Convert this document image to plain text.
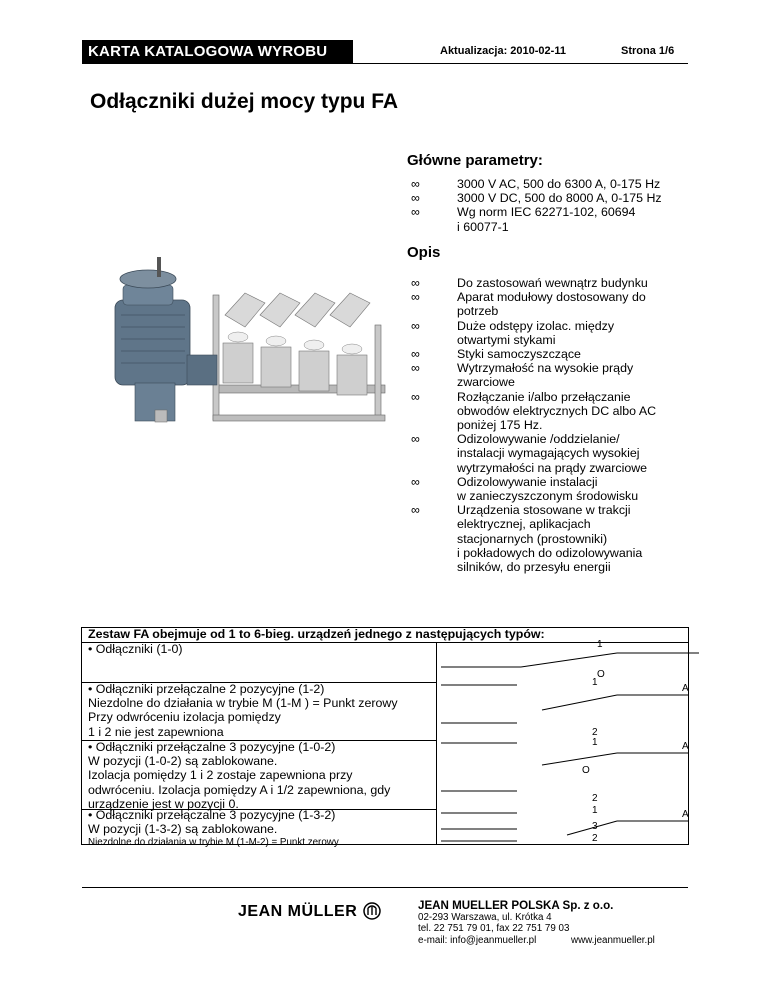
KARTA KATALOGOWA WYROBU	Aktualizacja: 2010-02-11	Strona 1/6
Odłączniki dużej mocy typu FA
Główne parametry:
∞	3000 V AC, 500 do 6300 A, 0-175 Hz
∞	3000 V DC, 500 do 8000 A, 0-175 Hz
∞	Wg norm IEC 62271-102, 60694
i 60077-1
Opis
∞	Do zastosowań wewnątrz budynku
∞	Aparat modułowy dostosowany do
potrzeb
∞	Duże odstępy izolac. między
otwartymi stykami
∞	Styki samoczyszczące
∞	Wytrzymałość na wysokie prądy
zwarciowe
∞	Rozłączanie i/albo przełączanie
obwodów elektrycznych DC albo AC
poniżej 175 Hz.
∞	Odizolowywanie /oddzielanie/
instalacji wymagających wysokiej
wytrzymałości na prądy zwarciowe
∞	Odizolowywanie instalacji
w zanieczyszczonym środowisku
∞	Urządzenia stosowane w trakcji
elektrycznej, aplikacjach
stacjonarnych (prostowniki)
i pokładowych do odizolowywania
silników, do przesyłu energii
Zestaw FA obejmuje od 1 to 6-bieg. urządzeń jednego z następujących typów:
• Odłączniki (1-0)
• Odłączniki przełączalne 2 pozycyjne (1-2)
Niezdolne do działania w trybie M (1-M ) = Punkt zerowy
Przy odwróceniu izolacja pomiędzy
1 i 2 nie jest zapewniona
• Odłączniki przełączalne 3 pozycyjne (1-0-2)
W pozycji (1-0-2) są zablokowane.
Izolacja pomiędzy 1 i 2 zostaje zapewniona przy
odwróceniu. Izolacja pomiędzy A i 1/2 zapewniona, gdy
urządzenie jest w pozycji 0.
• Odłączniki przełączalne 3 pozycyjne (1-3-2)
W pozycji (1-3-2) są zablokowane.
Niezdolne do działania w trybie M (1-M-2) = Punkt zerowy
1
O
1
2
A
1
O
2
A
1
3
2
A
JEAN MÜLLER	JEAN MUELLER POLSKA Sp. z o.o.
02-293 Warszawa, ul. Krótka 4
tel. 22 751 79 01, fax 22 751 79 03
e-mail: info@jeanmueller.pl	www.jeanmueller.pl
